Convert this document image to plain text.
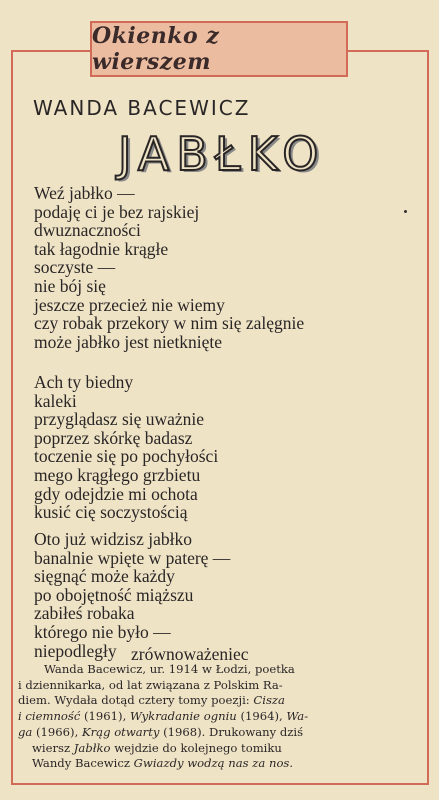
Okienko z wierszem
WANDA BACEWICZ
JABŁKO
Weź jabłko —
podaję ci je bez rajskiej
dwuznaczności
tak łagodnie krągłe
soczyste —
nie bój się
jeszcze przecież nie wiemy
czy robak przekory w nim się zalęgnie
może jabłko jest nietknięte
Ach ty biedny
kaleki
przyglądasz się uważnie
poprzez skórkę badasz
toczenie się po pochyłości
mego krągłego grzbietu
gdy odejdzie mi ochota
kusić cię soczystością
Oto już widzisz jabłko
banalnie wpięte w paterę —
sięgnąć może każdy
po obojętność miąższu
zabiłeś robaka
którego nie było —
niepodległy zrównoważeniec
Wanda Bacewicz, ur. 1914 w Łodzi, poetka
i dziennikarka, od lat związana z Polskim Ra-
diem. Wydała dotąd cztery tomy poezji: Cisza
i ciemność (1961), Wykradanie ogniu (1964), Wa-
ga (1966), Krąg otwarty (1968). Drukowany dziś
wiersz Jabłko wejdzie do kolejnego tomiku
Wandy Bacewicz Gwiazdy wodzą nas za nos.
